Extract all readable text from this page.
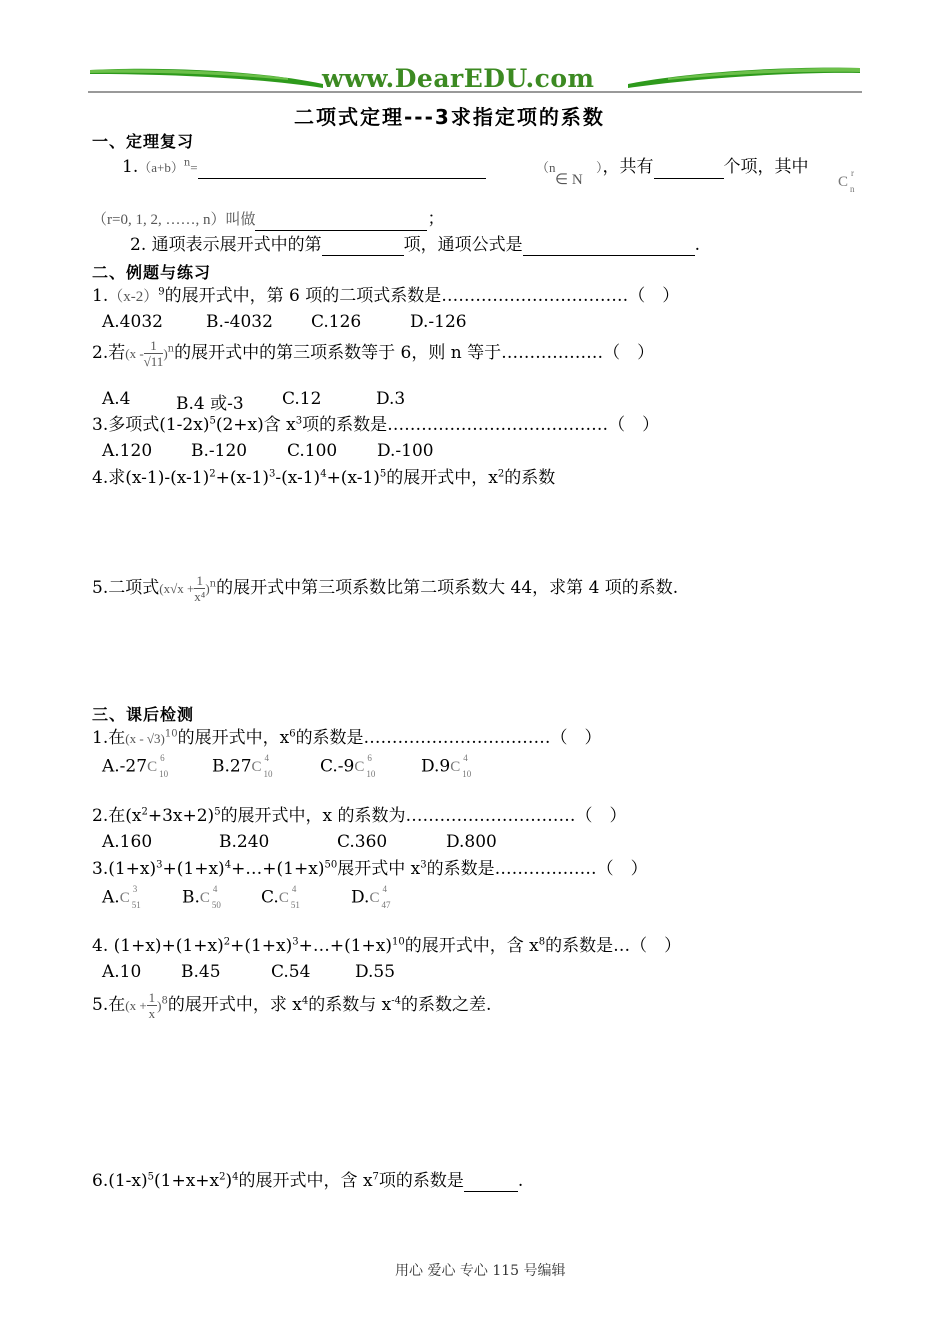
www.DearEDU.com
二项式定理---3求指定项的系数
一、定理复习
$1.(a+b)^n=$	（n
∈ N
），共有	个项，其中
C
r
n
（r=0, 1, 2, ……, n）叫做	；
2. 通项表示展开式中的第	项，通项公式是	.
二、例题与练习
$1.(x-2)^9$的展开式中，第 6 项的二项式系数是……………………………（　）
A.4032	B.-4032 C.126	D.-126
2.若$(x - \frac{1}{√11} )^n$的展开式中的第三项系数等于 6，则 n 等于………………（　）
A.4	B.4 或-3 C.12	D.3
3.多项式$(1-2x)^5(2+x)$含 $x^3$项的系数是…………………………………（　）
A.120 B.-120 C.100 D.-100
4.求$(x-1)-(x-1)^2+(x-1)^3-(x-1)^4+(x-1)^5$的展开式中，$x^2$的系数
5.二项式$(x√x + \frac{1}{\text{x⁴}} )^n$的展开式中第三项系数比第二项系数大 44，求第 4 项的系数.
三、课后检测
1.在(x - √3)$^{10}$的展开式中，$x^6$的系数是……………………………（　）
A.-27 C
6
10	B.27 C
4
10	C.-9 C
6
10	D.9 C
4
10
2.在$(x^2+3x+2)^5$的展开式中，x 的系数为…………………………（　）
A.160	B.240	C.360	D.800
$3.(1+x)^3+(1+x)^4+\dots+(1+x)^{50}$展开式中 $x^3$的系数是………………（　）
A. C
3
51 B. C
4
50 C. C
4
51	D. C
4
47
4. $(1+x)+(1+x)^2+(1+x)^3+\dots+(1+x)^{10}$的展开式中，含 $x^8$的系数是…（　）
A.10 B.45	C.54	D.55
5.在$(x + \frac{1}{x} )^8$的展开式中，求 $x^4$的系数与 $x^{-4}$的系数之差.
$6.(1-x)^5(1+x+x^2)^4$的展开式中，含 $x^7$项的系数是	.
用心 爱心 专心 115 号编辑
